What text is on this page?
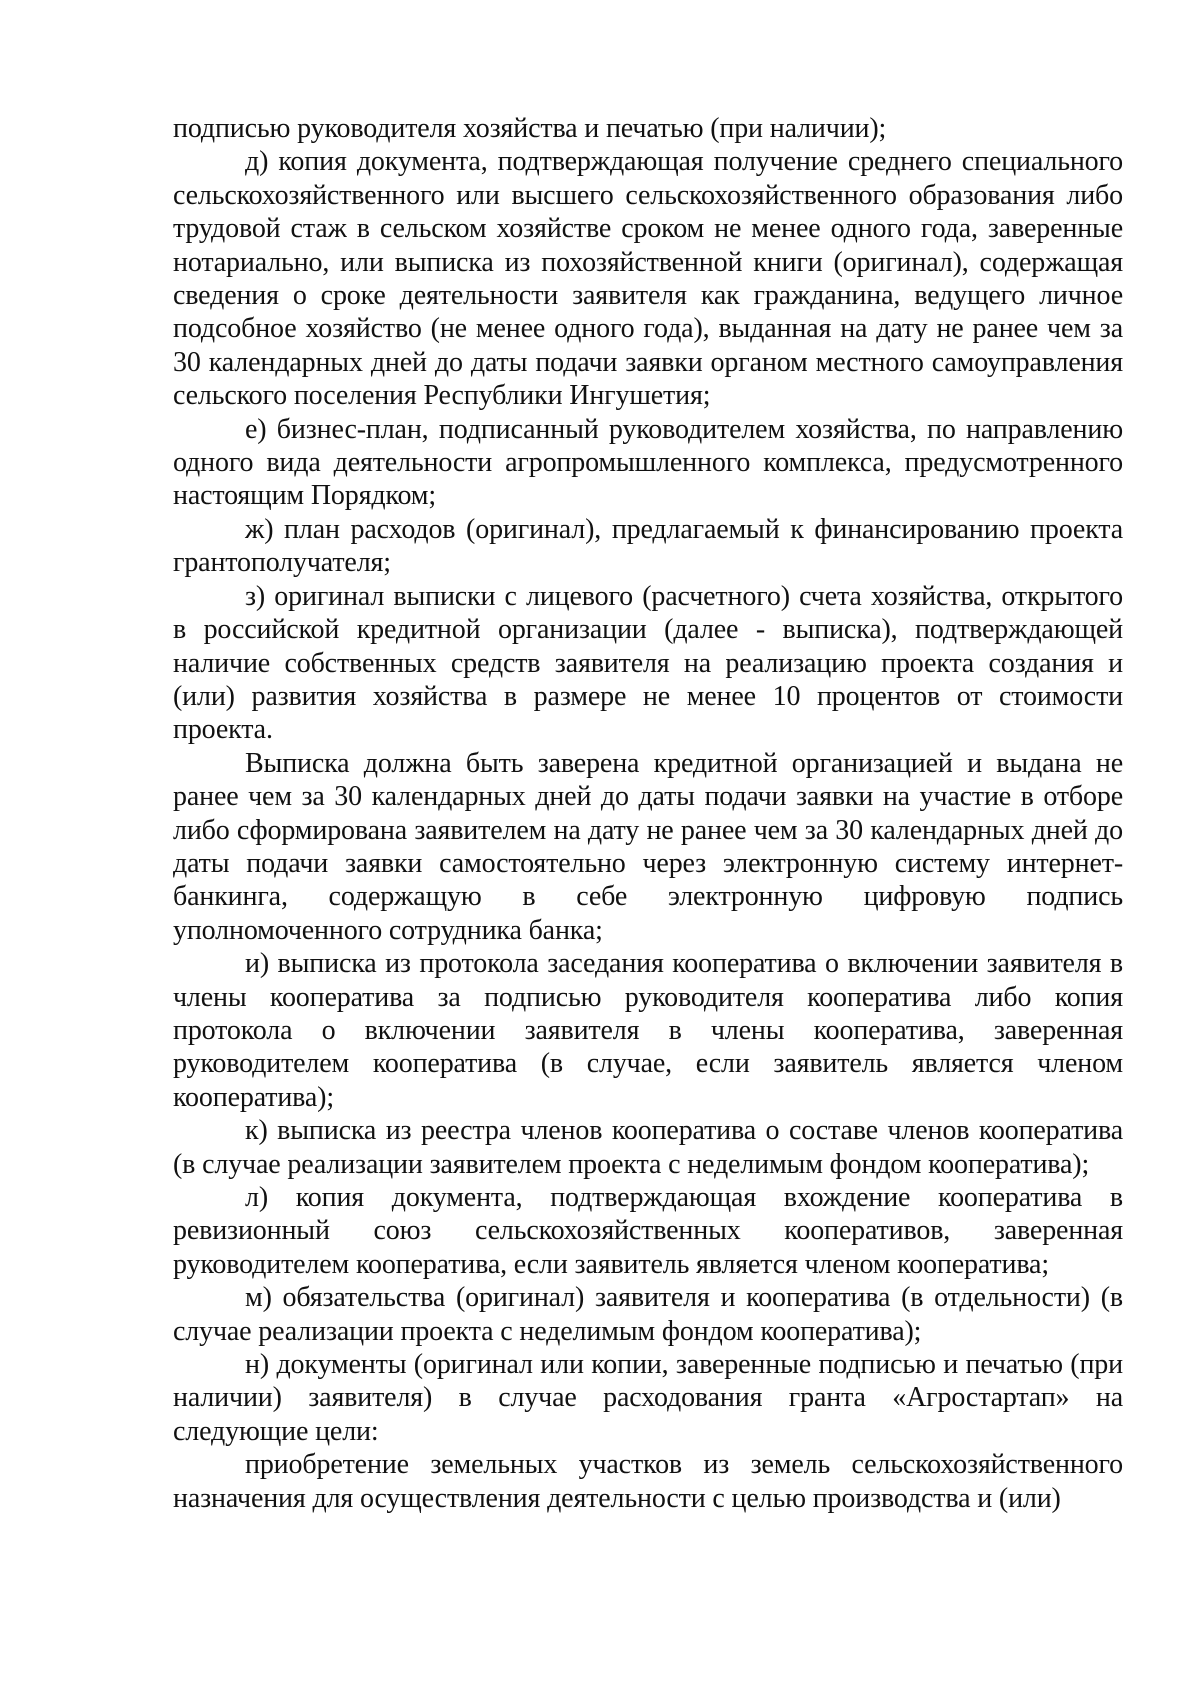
подписью руководителя хозяйства и печатью (при наличии);

д) копия документа, подтверждающая получение среднего специального сельскохозяйственного или высшего сельскохозяйственного образования либо трудовой стаж в сельском хозяйстве сроком не менее одного года, заверенные нотариально, или выписка из похозяйственной книги (оригинал), содержащая сведения о сроке деятельности заявителя как гражданина, ведущего личное подсобное хозяйство (не менее одного года), выданная на дату не ранее чем за 30 календарных дней до даты подачи заявки органом местного самоуправления сельского поселения Республики Ингушетия;

е) бизнес-план, подписанный руководителем хозяйства, по направлению одного вида деятельности агропромышленного комплекса, предусмотренного настоящим Порядком;

ж) план расходов (оригинал), предлагаемый к финансированию проекта грантополучателя;

з) оригинал выписки с лицевого (расчетного) счета хозяйства, открытого в российской кредитной организации (далее - выписка), подтверждающей наличие собственных средств заявителя на реализацию проекта создания и (или) развития хозяйства в размере не менее 10 процентов от стоимости проекта.

Выписка должна быть заверена кредитной организацией и выдана не ранее чем за 30 календарных дней до даты подачи заявки на участие в отборе либо сформирована заявителем на дату не ранее чем за 30 календарных дней до даты подачи заявки самостоятельно через электронную систему интернет-банкинга, содержащую в себе электронную цифровую подпись уполномоченного сотрудника банка;

и) выписка из протокола заседания кооператива о включении заявителя в члены кооператива за подписью руководителя кооператива либо копия протокола о включении заявителя в члены кооператива, заверенная руководителем кооператива (в случае, если заявитель является членом кооператива);

к) выписка из реестра членов кооператива о составе членов кооператива (в случае реализации заявителем проекта с неделимым фондом кооператива);

л) копия документа, подтверждающая вхождение кооператива в ревизионный союз сельскохозяйственных кооперативов, заверенная руководителем кооператива, если заявитель является членом кооператива;

м) обязательства (оригинал) заявителя и кооператива (в отдельности) (в случае реализации проекта с неделимым фондом кооператива);

н) документы (оригинал или копии, заверенные подписью и печатью (при наличии) заявителя) в случае расходования гранта «Агростартап» на следующие цели:

приобретение земельных участков из земель сельскохозяйственного назначения для осуществления деятельности с целью производства и (или)
